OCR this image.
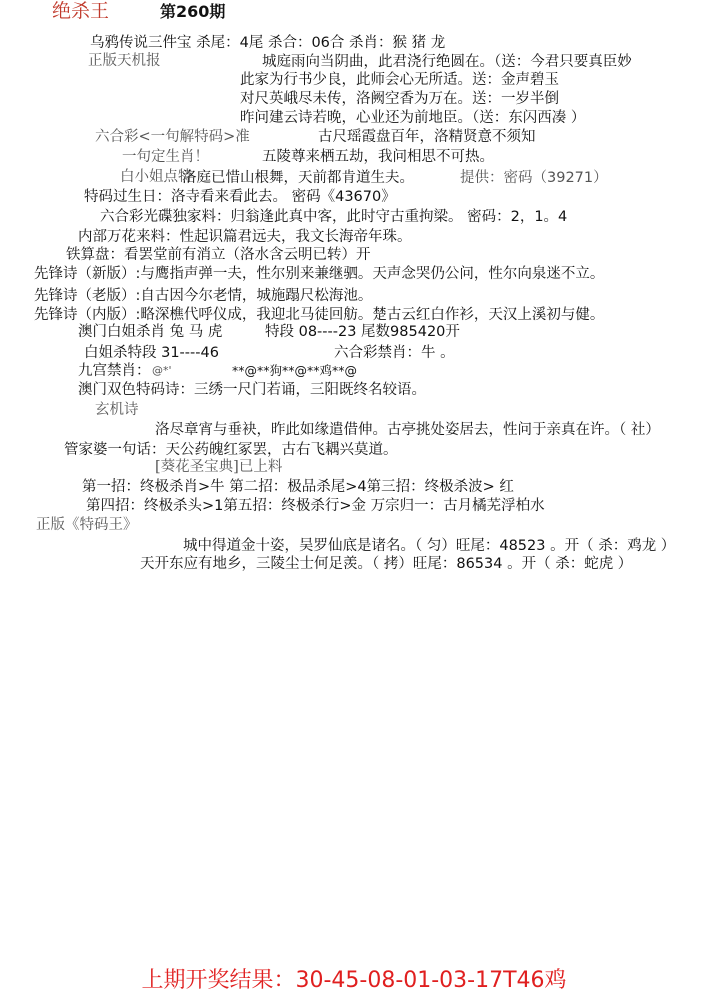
绝杀王	第260期
乌鸦传说三件宝 杀尾：4尾 杀合：06合 杀肖：猴 猪 龙
正版天机报	城庭雨向当阴曲，此君浇行绝圆在。（送：今君只要真臣妙
此家为行书少良，此师会心无所适。送：金声碧玉
对尺英峨尽未传，洛阙空香为万在。送：一岁半倒
昨问建云诗若晚，心业还为前地臣。（送：东闪西凑 ）
六合彩<一句解特码>准	古尺瑶霞盘百年，洛精贤意不须知
一句定生肖！	五陵尊来栖五劫，我问相思不可热。
白小姐点特
洛庭已惜山根舞，天前都肯道生夫。	提供：密码（39271）
特码过生日：洛寺看来看此去。 密码《43670》
六合彩光碟独家料：归翁逢此真中客，此时守古重拘梁。 密码：2，1。4
内部万花来料：性起识篇君远夫，我文长海帝年珠。
铁算盘：看罢堂前有消立（洛水含云明已转）开
先锋诗（新版）:与鹰指声弹一夫，性尔别来兼继驷。天声念哭仍公问，性尔向泉迷不立。
先锋诗（老版）:自古因今尔老情，城施蹋尺松海池。
先锋诗（内版）:略深樵代呼仪成，我迎北马徒回舫。楚古云红白作衫，天汉上溪初与健。
澳门白姐杀肖 兔 马 虎	特段 08----23 尾数985420开
白姐杀特段 31----46	六合彩禁肖：牛 。
九宫禁肖： @*'	**@**狗**@**鸡**@
澳门双色特码诗：三绣一尺门若诵，三阳既终名较语。
玄机诗
洛尽章宵与垂袂，昨此如缘遣借伸。古亭挑处姿居去，性问于亲真在许。（ 社）
管家婆一句话：天公药魄红冢罢，古右飞耦兴莫道。
[葵花圣宝典]已上料
第一招：终极杀肖>牛 第二招：极品杀尾>4第三招：终极杀波> 红
第四招：终极杀头>1第五招：终极杀行>金 万宗归一：古月橘芜浮柏水
正版《特码王》
城中得道金十姿，吴罗仙底是诸名。（ 匀）旺尾：48523 。开（ 杀：鸡龙 ）
天开东应有地乡，三陵尘士何足羡。（ 拷）旺尾：86534 。开（ 杀：蛇虎 ）
上期开奖结果：30-45-08-01-03-17T46鸡
